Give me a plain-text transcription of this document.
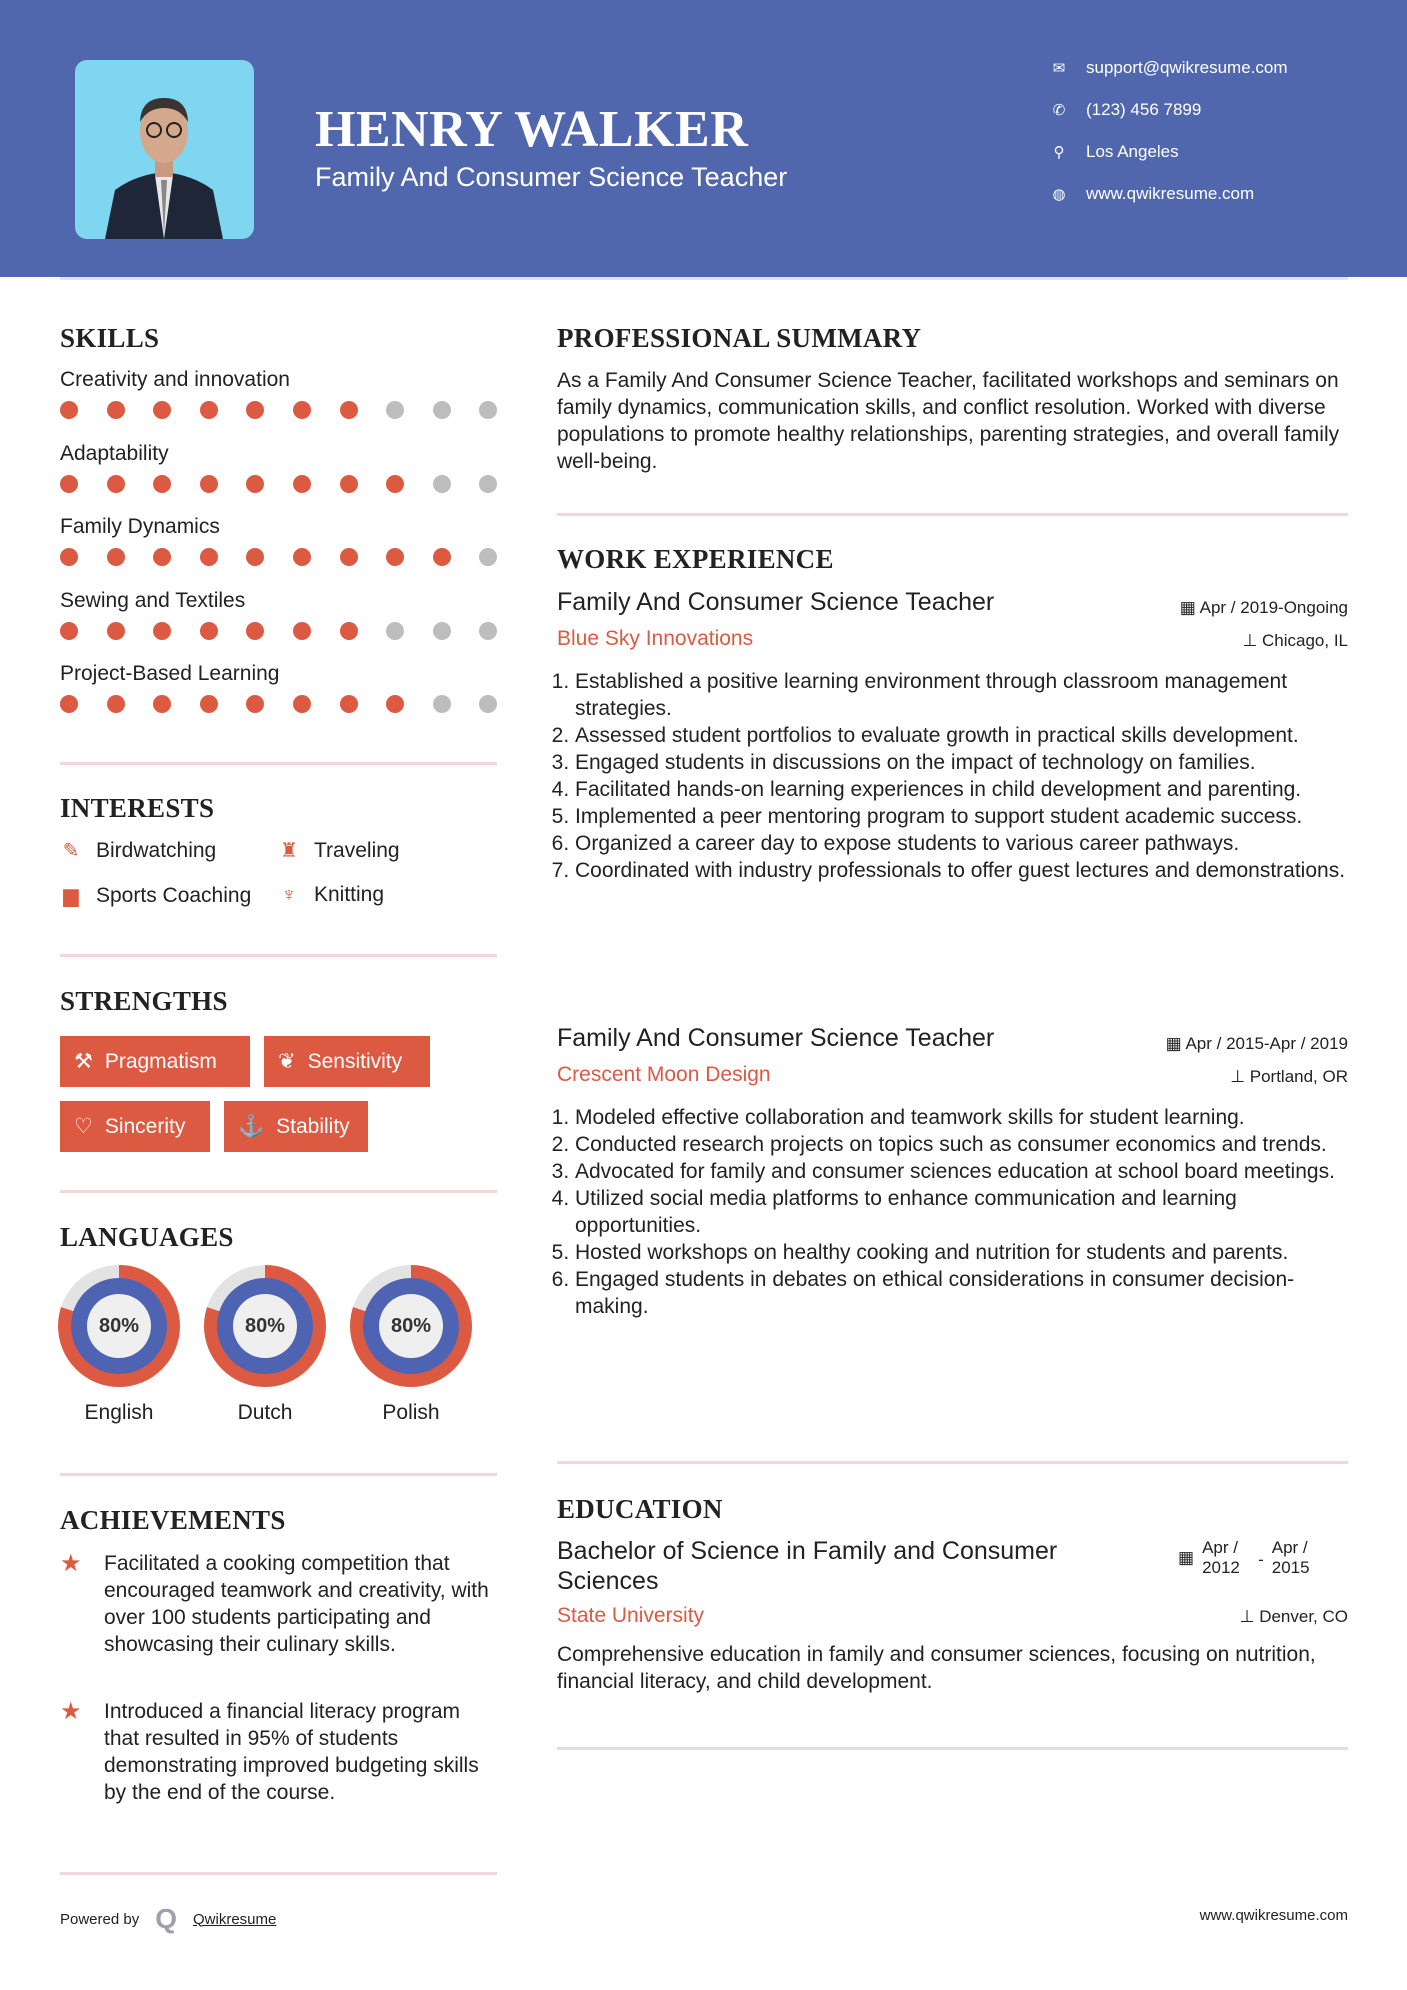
HENRY WALKER
Family And Consumer Science Teacher
✉ support@qwikresume.com
✆ (123) 456 7899
⚲ Los Angeles
◍ www.qwikresume.com
SKILLS
Creativity and innovation
Adaptability
Family Dynamics
Sewing and Textiles
Project-Based Learning
INTERESTS
✎ Birdwatching	♜ Traveling
▆ Sports Coaching ♆ Knitting
STRENGTHS
⚒ Pragmatism	❦ Sensitivity
♡ Sincerity	⚓ Stability
LANGUAGES
80%
English
80%
Dutch
80%
Polish
ACHIEVEMENTS
★	Facilitated a cooking competition that encouraged teamwork and creativity, with over 100 students participating and showcasing their culinary skills.
★	Introduced a financial literacy program that resulted in 95% of students demonstrating improved budgeting skills by the end of the course.
Powered by Q Qwikresume	www.qwikresume.com
PROFESSIONAL SUMMARY
As a Family And Consumer Science Teacher, facilitated workshops and seminars on family dynamics, communication skills, and conflict resolution. Worked with diverse populations to promote healthy relationships, parenting strategies, and overall family well-being.
WORK EXPERIENCE
Family And Consumer Science Teacher	▦ Apr / 2019-Ongoing
Blue Sky Innovations	⊥ Chicago, IL
1. Established a positive learning environment through classroom management strategies.
2. Assessed student portfolios to evaluate growth in practical skills development.
3. Engaged students in discussions on the impact of technology on families.
4. Facilitated hands-on learning experiences in child development and parenting.
5. Implemented a peer mentoring program to support student academic success.
6. Organized a career day to expose students to various career pathways.
7. Coordinated with industry professionals to offer guest lectures and demonstrations.
Family And Consumer Science Teacher	▦ Apr / 2015-Apr / 2019
Crescent Moon Design	⊥ Portland, OR
1. Modeled effective collaboration and teamwork skills for student learning.
2. Conducted research projects on topics such as consumer economics and trends.
3. Advocated for family and consumer sciences education at school board meetings.
4. Utilized social media platforms to enhance communication and learning opportunities.
5. Hosted workshops on healthy cooking and nutrition for students and parents.
6. Engaged students in debates on ethical considerations in consumer decision-making.
EDUCATION
Bachelor of Science in Family and Consumer Sciences
▦
Apr / 2012	-
Apr / 2015
State University	⊥ Denver, CO
Comprehensive education in family and consumer sciences, focusing on nutrition, financial literacy, and child development.
